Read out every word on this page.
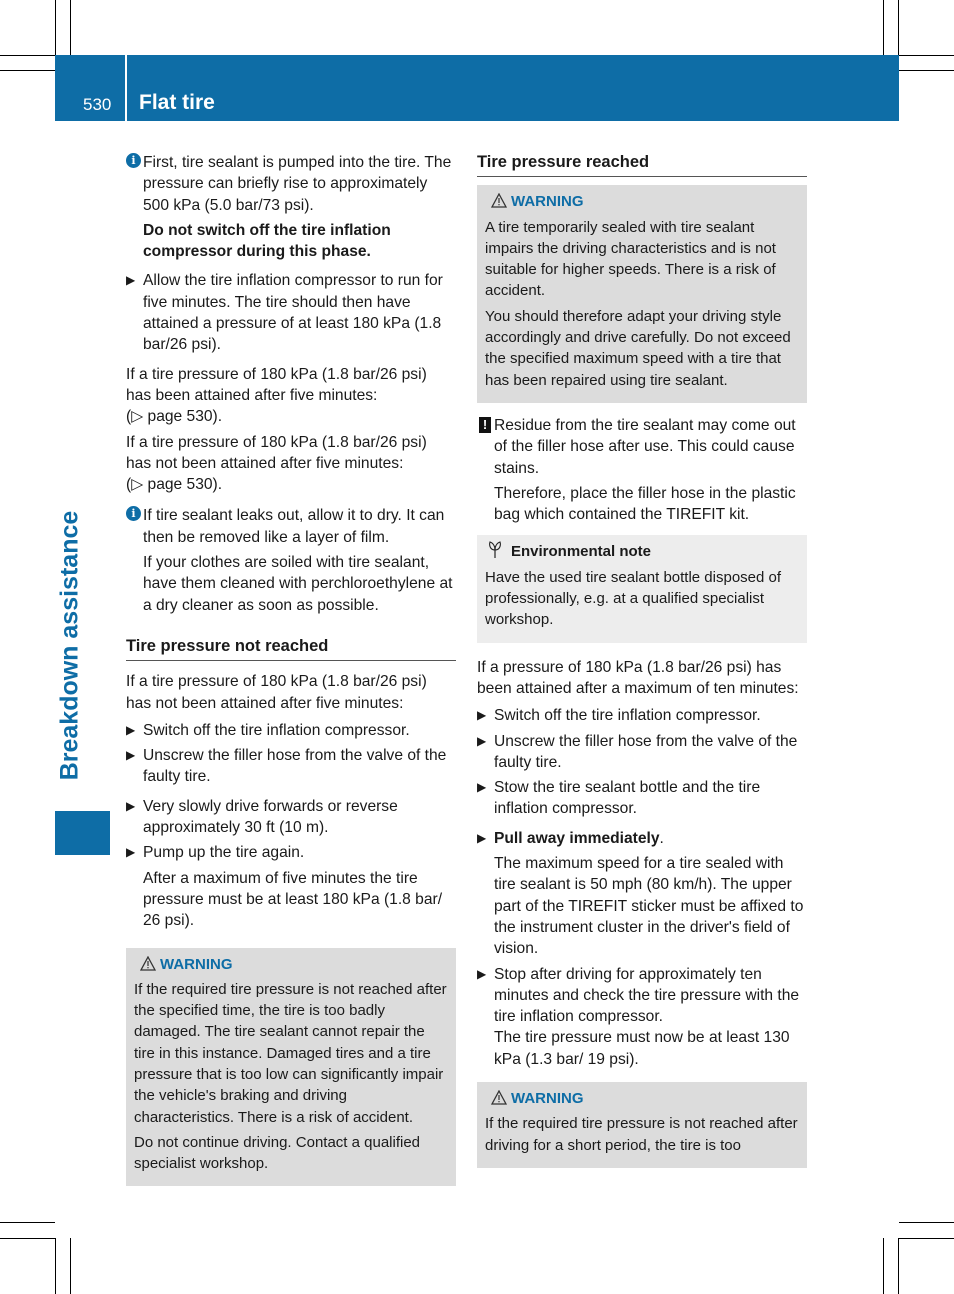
530 Flat tire
Breakdown assistance
i First, tire sealant is pumped into the tire. The pressure can briefly rise to approximately 500 kPa (5.0 bar/73 psi).

Do not switch off the tire inflation compressor during this phase.

▶ Allow the tire inflation compressor to run for five minutes. The tire should then have attained a pressure of at least 180 kPa (1.8 bar/26 psi).

If a tire pressure of 180 kPa (1.8 bar/26 psi) has been attained after five minutes:

(▷ page 530).

If a tire pressure of 180 kPa (1.8 bar/26 psi) has not been attained after five minutes:

(▷ page 530).

i If tire sealant leaks out, allow it to dry. It can then be removed like a layer of film.

If your clothes are soiled with tire sealant, have them cleaned with perchloroethylene at a dry cleaner as soon as possible.

Tire pressure not reached

If a tire pressure of 180 kPa (1.8 bar/26 psi) has not been attained after five minutes:

▶ Switch off the tire inflation compressor.
▶ Unscrew the filler hose from the valve of the faulty tire.
▶ Very slowly drive forwards or reverse approximately 30 ft (10 m).
▶ Pump up the tire again.

After a maximum of five minutes the tire pressure must be at least 180 kPa (1.8 bar/ 26 psi).

WARNING

If the required tire pressure is not reached after the specified time, the tire is too badly damaged. The tire sealant cannot repair the tire in this instance. Damaged tires and a tire pressure that is too low can significantly impair the vehicle's braking and driving characteristics. There is a risk of accident.

Do not continue driving. Contact a qualified specialist workshop.

Tire pressure reached
WARNING

A tire temporarily sealed with tire sealant impairs the driving characteristics and is not suitable for higher speeds. There is a risk of accident.

You should therefore adapt your driving style accordingly and drive carefully. Do not exceed the specified maximum speed with a tire that has been repaired using tire sealant.

! Residue from the tire sealant may come out of the filler hose after use. This could cause stains.

Therefore, place the filler hose in the plastic bag which contained the TIREFIT kit.

Environmental note

Have the used tire sealant bottle disposed of professionally, e.g. at a qualified specialist workshop.

If a pressure of 180 kPa (1.8 bar/26 psi) has been attained after a maximum of ten minutes:

▶ Switch off the tire inflation compressor.
▶ Unscrew the filler hose from the valve of the faulty tire.
▶ Stow the tire sealant bottle and the tire inflation compressor.
▶ Pull away immediately.

The maximum speed for a tire sealed with tire sealant is 50 mph (80 km/h). The upper part of the TIREFIT sticker must be affixed to the instrument cluster in the driver's field of vision.

▶ Stop after driving for approximately ten minutes and check the tire pressure with the tire inflation compressor.

The tire pressure must now be at least 130 kPa (1.3 bar/ 19 psi).

WARNING

If the required tire pressure is not reached after driving for a short period, the tire is too
